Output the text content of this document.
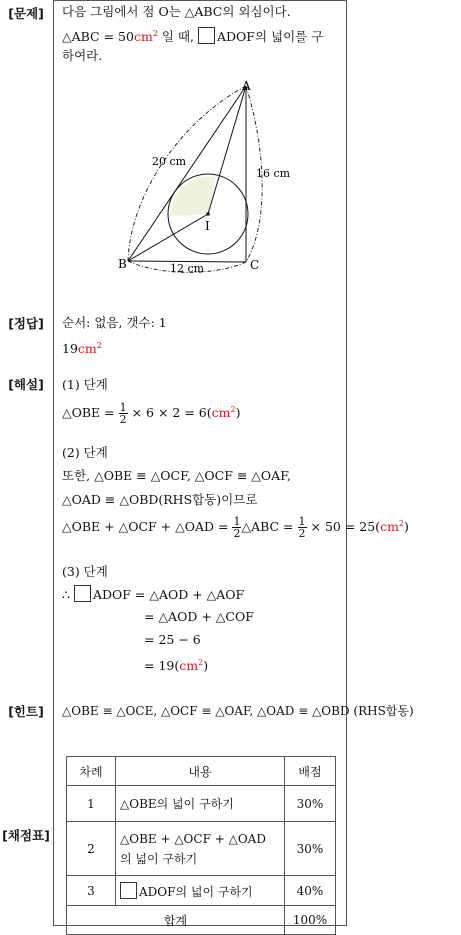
[문제]
[정답]
[해설]
[힌트]
[채점표]
다음 그림에서 점 O는 △ABC의 외심이다.
△ABC = $50cm^2$ 일 때, ADOF의 넓이를 구
하여라.
A
B	C
I
20 cm
16 cm
12 cm
순서: 없음, 갯수: 1
$19cm^2$
(1) 단계
△OBE = $\frac{1}{2} \times 6 \times 2 = 6(cm^2)$
(2) 단계
또한, △OBE ≡ △OCF, △OCF ≡ △OAF,
△OAD ≡ △OBD(RHS합동)이므로
△OBE + △OCF + △OAD = $\frac{1}{2}$ △ABC = $\frac{1}{2} \times 50 = 25(cm^2)$
(3) 단계
∴ ADOF = △AOD + △AOF
= △AOD + △COF
= 25 − 6
= $19(cm^2)$
△OBE ≡ △OCE, △OCF ≡ △OAF, △OAD ≡ △OBD (RHS합동)
차례	내용	배점
1	△OBE의 넓이 구하기	30%
2	△OBE + △OCF + △OAD
의 넓이 구하기	30%
3	ADOF의 넓이 구하기	40%
합계		100%
